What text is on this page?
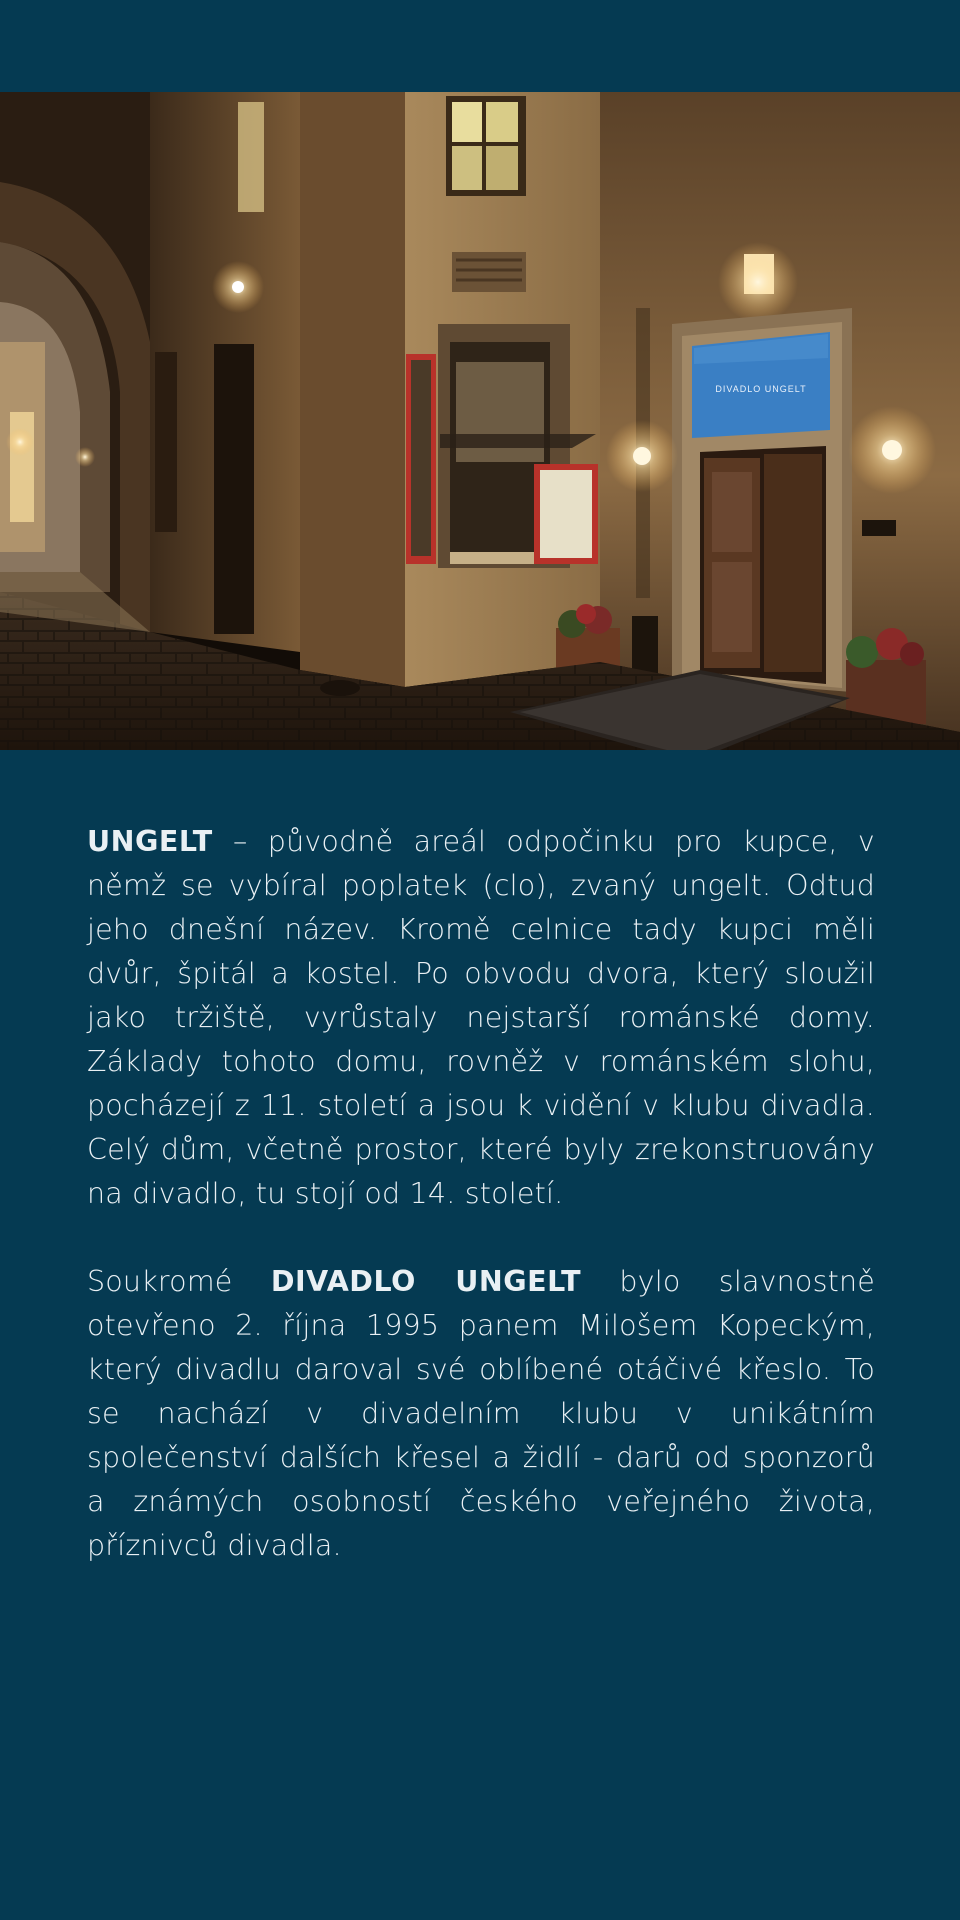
DIVADLO UNGELT

UNGELT – původně areál odpočinku pro kupce, v němž se vybíral poplatek (clo), zvaný ungelt. Odtud jeho dnešní název. Kromě celnice tady kupci měli dvůr, špitál a kostel. Po obvodu dvora, který sloužil jako tržiště, vyrůstaly nejstarší románské domy. Základy tohoto domu, rovněž v románském slohu, pocházejí z 11. století a jsou k vidění v klubu divadla. Celý dům, včetně prostor, které byly zrekonstruovány na divadlo, tu stojí od 14. století.

Soukromé DIVADLO UNGELT bylo slavnostně otevřeno 2. října 1995 panem Milošem Kopeckým, který divadlu daroval své oblíbené otáčivé křeslo. To se nachází v divadelním klubu v unikátním společenství dalších křesel a židlí - darů od sponzorů a známých osobností českého veřejného života, příznivců divadla.
